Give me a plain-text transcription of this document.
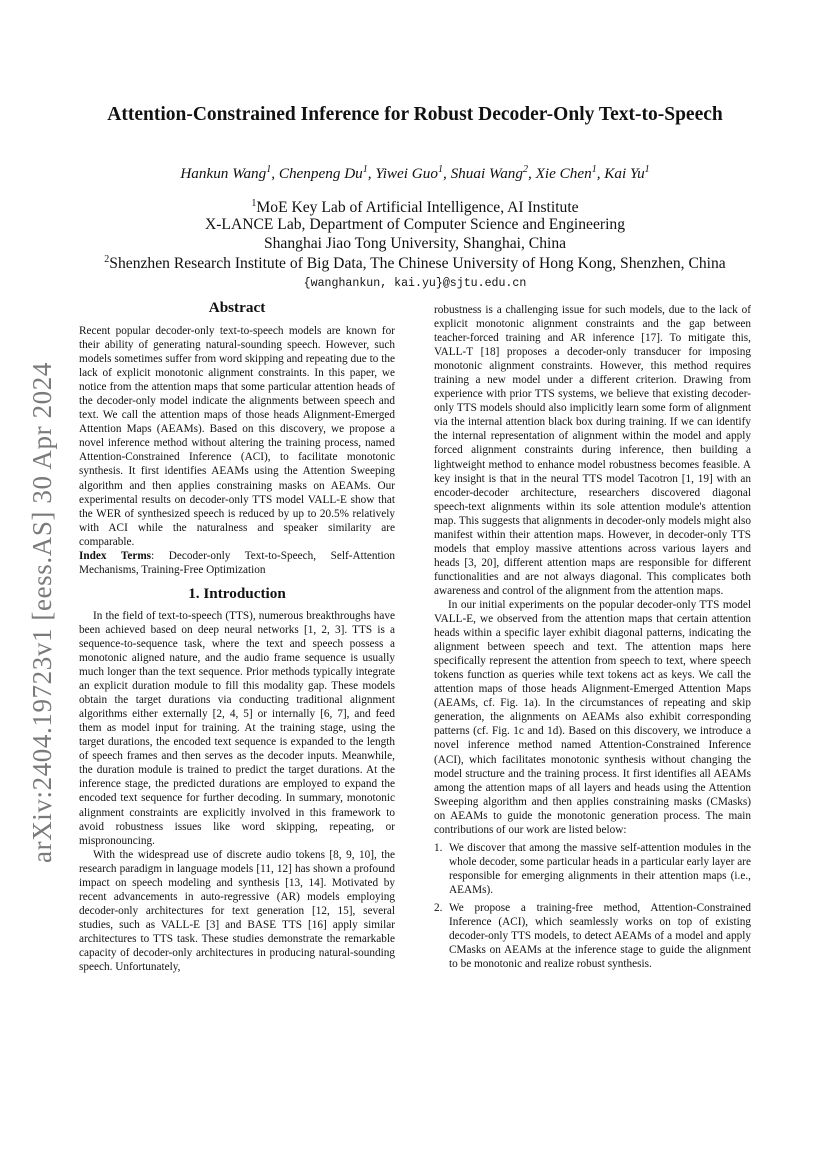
arXiv:2404.19723v1 [eess.AS] 30 Apr 2024
Attention-Constrained Inference for Robust Decoder-Only Text-to-Speech
Hankun Wang$^1$, Chenpeng Du$^1$, Yiwei Guo$^1$, Shuai Wang$^2$, Xie Chen$^1$, Kai Yu$^1$
$^1$MoE Key Lab of Artificial Intelligence, AI Institute
X-LANCE Lab, Department of Computer Science and Engineering
Shanghai Jiao Tong University, Shanghai, China
$^2$Shenzhen Research Institute of Big Data, The Chinese University of Hong Kong, Shenzhen, China
{wanghankun, kai.yu}@sjtu.edu.cn
Abstract

Recent popular decoder-only text-to-speech models are known for their ability of generating natural-sounding speech. However, such models sometimes suffer from word skipping and repeating due to the lack of explicit monotonic alignment constraints. In this paper, we notice from the attention maps that some particular attention heads of the decoder-only model indicate the alignments between speech and text. We call the attention maps of those heads Alignment-Emerged Attention Maps (AEAMs). Based on this discovery, we propose a novel inference method without altering the training process, named Attention-Constrained Inference (ACI), to facilitate monotonic synthesis. It first identifies AEAMs using the Attention Sweeping algorithm and then applies constraining masks on AEAMs. Our experimental results on decoder-only TTS model VALL-E show that the WER of synthesized speech is reduced by up to 20.5% relatively with ACI while the naturalness and speaker similarity are comparable.

Index Terms: Decoder-only Text-to-Speech, Self-Attention Mechanisms, Training-Free Optimization

1. Introduction

In the field of text-to-speech (TTS), numerous breakthroughs have been achieved based on deep neural networks [1, 2, 3]. TTS is a sequence-to-sequence task, where the text and speech possess a monotonic aligned nature, and the audio frame sequence is usually much longer than the text sequence. Prior methods typically integrate an explicit duration module to fill this modality gap. These models obtain the target durations via conducting traditional alignment algorithms either externally [2, 4, 5] or internally [6, 7], and feed them as model input for training. At the training stage, using the target durations, the encoded text sequence is expanded to the length of speech frames and then serves as the decoder inputs. Meanwhile, the duration module is trained to predict the target durations. At the inference stage, the predicted durations are employed to expand the encoded text sequence for further decoding. In summary, monotonic alignment constraints are explicitly involved in this framework to avoid robustness issues like word skipping, repeating, or mispronouncing.

With the widespread use of discrete audio tokens [8, 9, 10], the research paradigm in language models [11, 12] has shown a profound impact on speech modeling and synthesis [13, 14]. Motivated by recent advancements in auto-regressive (AR) models employing decoder-only architectures for text generation [12, 15], several studies, such as VALL-E [3] and BASE TTS [16] apply similar architectures to TTS task. These studies demonstrate the remarkable capacity of decoder-only architectures in producing natural-sounding speech. Unfortunately,

robustness is a challenging issue for such models, due to the lack of explicit monotonic alignment constraints and the gap between teacher-forced training and AR inference [17]. To mitigate this, VALL-T [18] proposes a decoder-only transducer for imposing monotonic alignment constraints. However, this method requires training a new model under a different criterion. Drawing from experience with prior TTS systems, we believe that existing decoder-only TTS models should also implicitly learn some form of alignment via the internal attention black box during training. If we can identify the internal representation of alignment within the model and apply forced alignment constraints during inference, then building a lightweight method to enhance model robustness becomes feasible. A key insight is that in the neural TTS model Tacotron [1, 19] with an encoder-decoder architecture, researchers discovered diagonal speech-text alignments within its sole attention module's attention map. This suggests that alignments in decoder-only models might also manifest within their attention maps. However, in decoder-only TTS models that employ massive attentions across various layers and heads [3, 20], different attention maps are responsible for different functionalities and are not always diagonal. This complicates both awareness and control of the alignment from the attention maps.

In our initial experiments on the popular decoder-only TTS model VALL-E, we observed from the attention maps that certain attention heads within a specific layer exhibit diagonal patterns, indicating the alignment between speech and text. The attention maps here specifically represent the attention from speech to text, where speech tokens function as queries while text tokens act as keys. We call the attention maps of those heads Alignment-Emerged Attention Maps (AEAMs, cf. Fig. 1a). In the circumstances of repeating and skip generation, the alignments on AEAMs also exhibit corresponding patterns (cf. Fig. 1c and 1d). Based on this discovery, we introduce a novel inference method named Attention-Constrained Inference (ACI), which facilitates monotonic synthesis without changing the model structure and the training process. It first identifies all AEAMs among the attention maps of all layers and heads using the Attention Sweeping algorithm and then applies constraining masks (CMasks) on AEAMs to guide the monotonic generation process. The main contributions of our work are listed below:

1. We discover that among the massive self-attention modules in the whole decoder, some particular heads in a particular early layer are responsible for emerging alignments in their attention maps (i.e., AEAMs).
2. We propose a training-free method, Attention-Constrained Inference (ACI), which seamlessly works on top of existing decoder-only TTS models, to detect AEAMs of a model and apply CMasks on AEAMs at the inference stage to guide the alignment to be monotonic and realize robust synthesis.
